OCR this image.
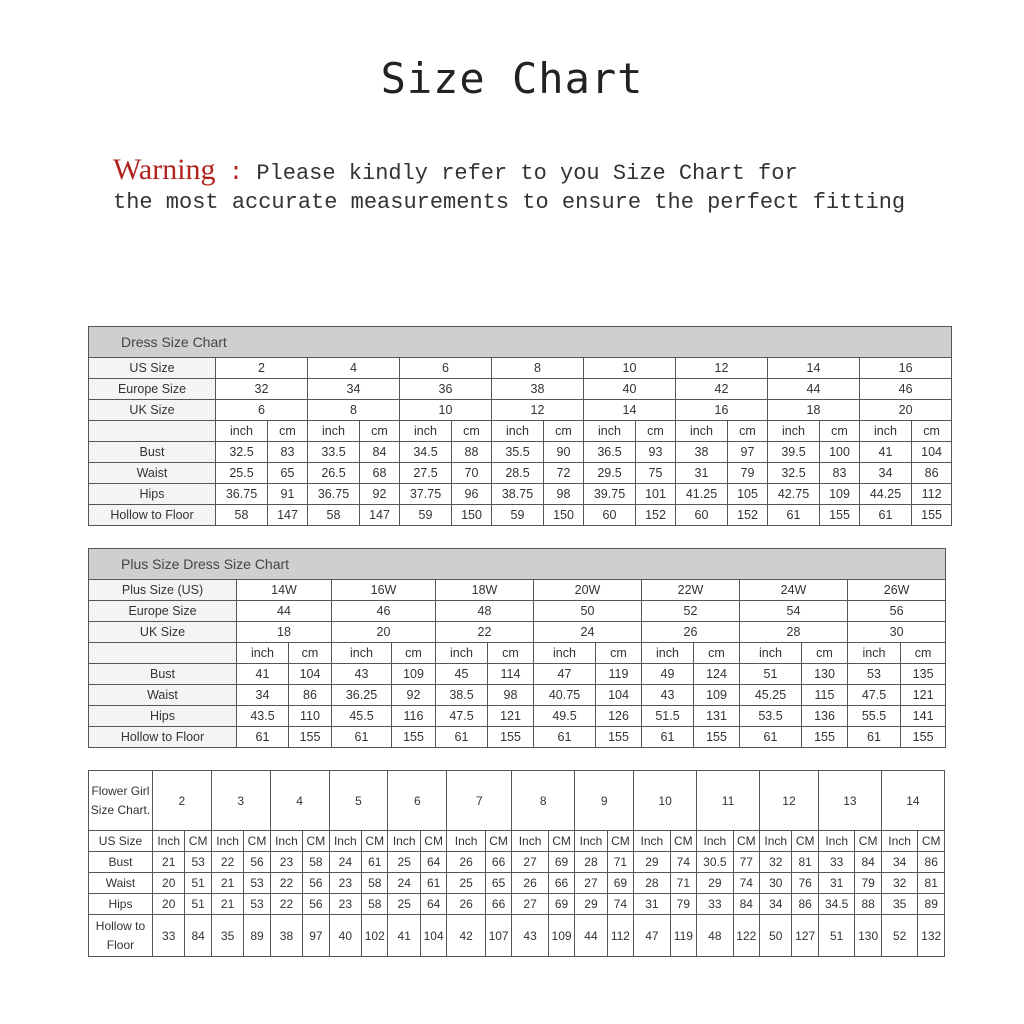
Size Chart
Warning : Please kindly refer to you Size Chart for
the most accurate measurements to ensure the perfect fitting
Dress Size Chart																
US Size	2		4		6		8		10		12		14		16	
Europe Size	32		34		36		38		40		42		44		46	
UK Size	6		8		10		12		14		16		18		20	
	inch	cm	inch	cm	inch	cm	inch	cm	inch	cm	inch	cm	inch	cm	inch	cm
Bust	32.5	83	33.5	84	34.5	88	35.5	90	36.5	93	38	97	39.5	100	41	104
Waist	25.5	65	26.5	68	27.5	70	28.5	72	29.5	75	31	79	32.5	83	34	86
Hips	36.75	91	36.75	92	37.75	96	38.75	98	39.75	101	41.25	105	42.75	109	44.25	112
Hollow to Floor	58	147	58	147	59	150	59	150	60	152	60	152	61	155	61	155
Plus Size Dress Size Chart														
Plus Size (US)	14W		16W		18W		20W		22W		24W		26W	
Europe Size	44		46		48		50		52		54		56	
UK Size	18		20		22		24		26		28		30	
	inch	cm	inch	cm	inch	cm	inch	cm	inch	cm	inch	cm	inch	cm
Bust	41	104	43	109	45	114	47	119	49	124	51	130	53	135
Waist	34	86	36.25	92	38.5	98	40.75	104	43	109	45.25	115	47.5	121
Hips	43.5	110	45.5	116	47.5	121	49.5	126	51.5	131	53.5	136	55.5	141
Hollow to Floor	61	155	61	155	61	155	61	155	61	155	61	155	61	155
Flower Girl Size Chart.	2		3		4		5		6		7		8		9		10		11		12		13		14	
US Size	Inch	CM	Inch	CM	Inch	CM	Inch	CM	Inch	CM	Inch	CM	Inch	CM	Inch	CM	Inch	CM	Inch	CM	Inch	CM	Inch	CM	Inch	CM
Bust	21	53	22	56	23	58	24	61	25	64	26	66	27	69	28	71	29	74	30.5	77	32	81	33	84	34	86
Waist	20	51	21	53	22	56	23	58	24	61	25	65	26	66	27	69	28	71	29	74	30	76	31	79	32	81
Hips	20	51	21	53	22	56	23	58	25	64	26	66	27	69	29	74	31	79	33	84	34	86	34.5	88	35	89
Hollow to Floor	33	84	35	89	38	97	40	102	41	104	42	107	43	109	44	112	47	119	48	122	50	127	51	130	52	132
